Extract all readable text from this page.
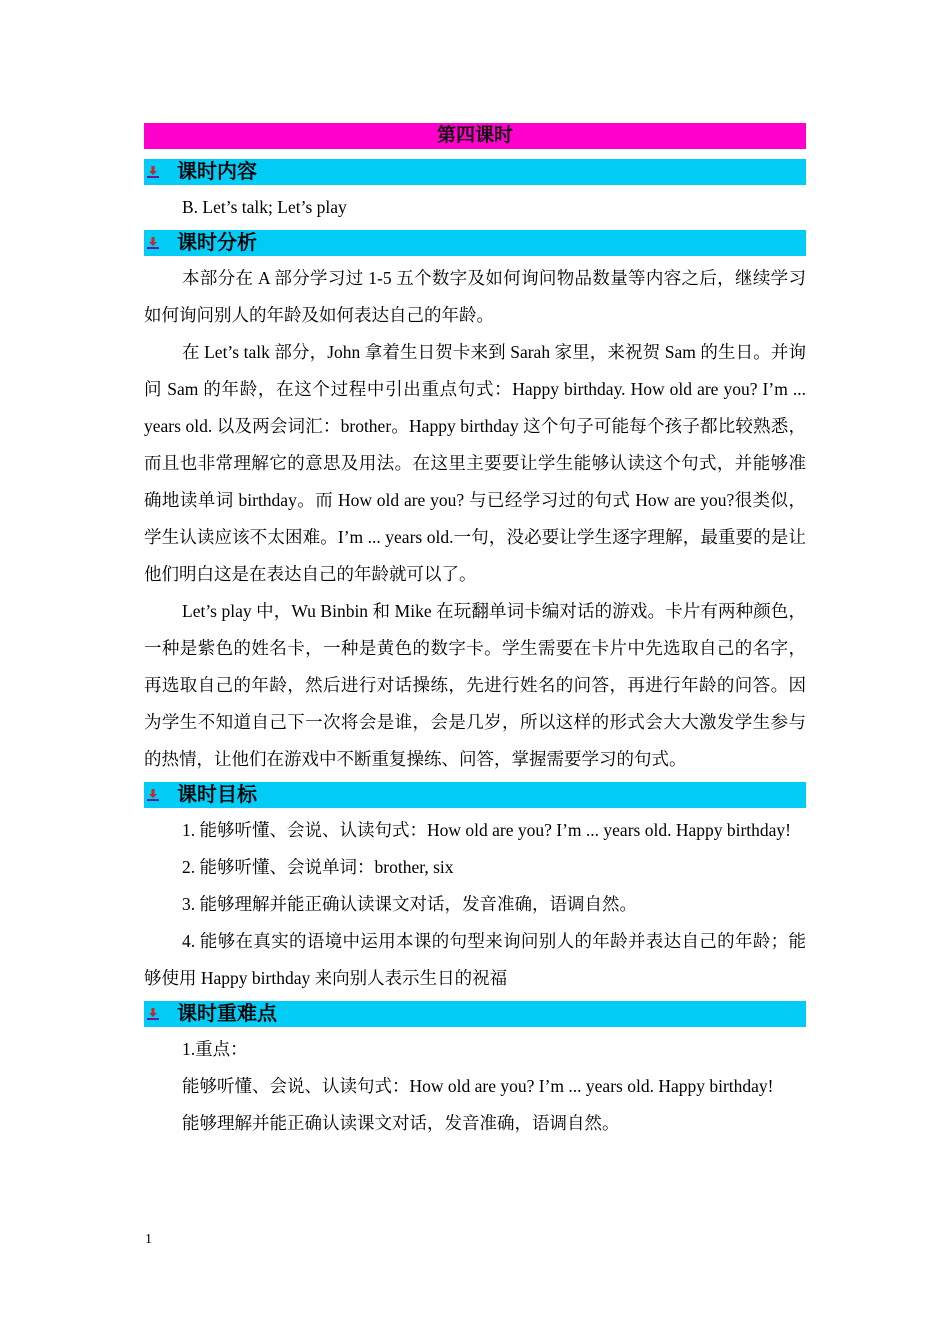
第四课时
课时内容

B. Let’s talk; Let’s play

课时分析

本部分在 A 部分学习过 1-5 五个数字及如何询问物品数量等内容之后，继续学习如何询问别人的年龄及如何表达自己的年龄。

在 Let’s talk 部分，John 拿着生日贺卡来到 Sarah 家里，来祝贺 Sam 的生日。并询问 Sam 的年龄，在这个过程中引出重点句式：Happy birthday. How old are you? I’m ... years old. 以及两会词汇：brother。Happy birthday 这个句子可能每个孩子都比较熟悉，而且也非常理解它的意思及用法。在这里主要要让学生能够认读这个句式，并能够准确地读单词 birthday。而 How old are you? 与已经学习过的句式 How are you?很类似，学生认读应该不太困难。I’m ... years old.一句，没必要让学生逐字理解，最重要的是让他们明白这是在表达自己的年龄就可以了。

Let’s play 中，Wu Binbin 和 Mike 在玩翻单词卡编对话的游戏。卡片有两种颜色，一种是紫色的姓名卡，一种是黄色的数字卡。学生需要在卡片中先选取自己的名字，再选取自己的年龄，然后进行对话操练，先进行姓名的问答，再进行年龄的问答。因为学生不知道自己下一次将会是谁，会是几岁，所以这样的形式会大大激发学生参与的热情，让他们在游戏中不断重复操练、问答，掌握需要学习的句式。

课时目标

1. 能够听懂、会说、认读句式：How old are you? I’m ... years old. Happy birthday!

2. 能够听懂、会说单词：brother, six

3. 能够理解并能正确认读课文对话，发音准确，语调自然。

4. 能够在真实的语境中运用本课的句型来询问别人的年龄并表达自己的年龄；能够使用 Happy birthday 来向别人表示生日的祝福

课时重难点

1.重点：

能够听懂、会说、认读句式：How old are you? I’m ... years old. Happy birthday!

能够理解并能正确认读课文对话，发音准确，语调自然。

1
